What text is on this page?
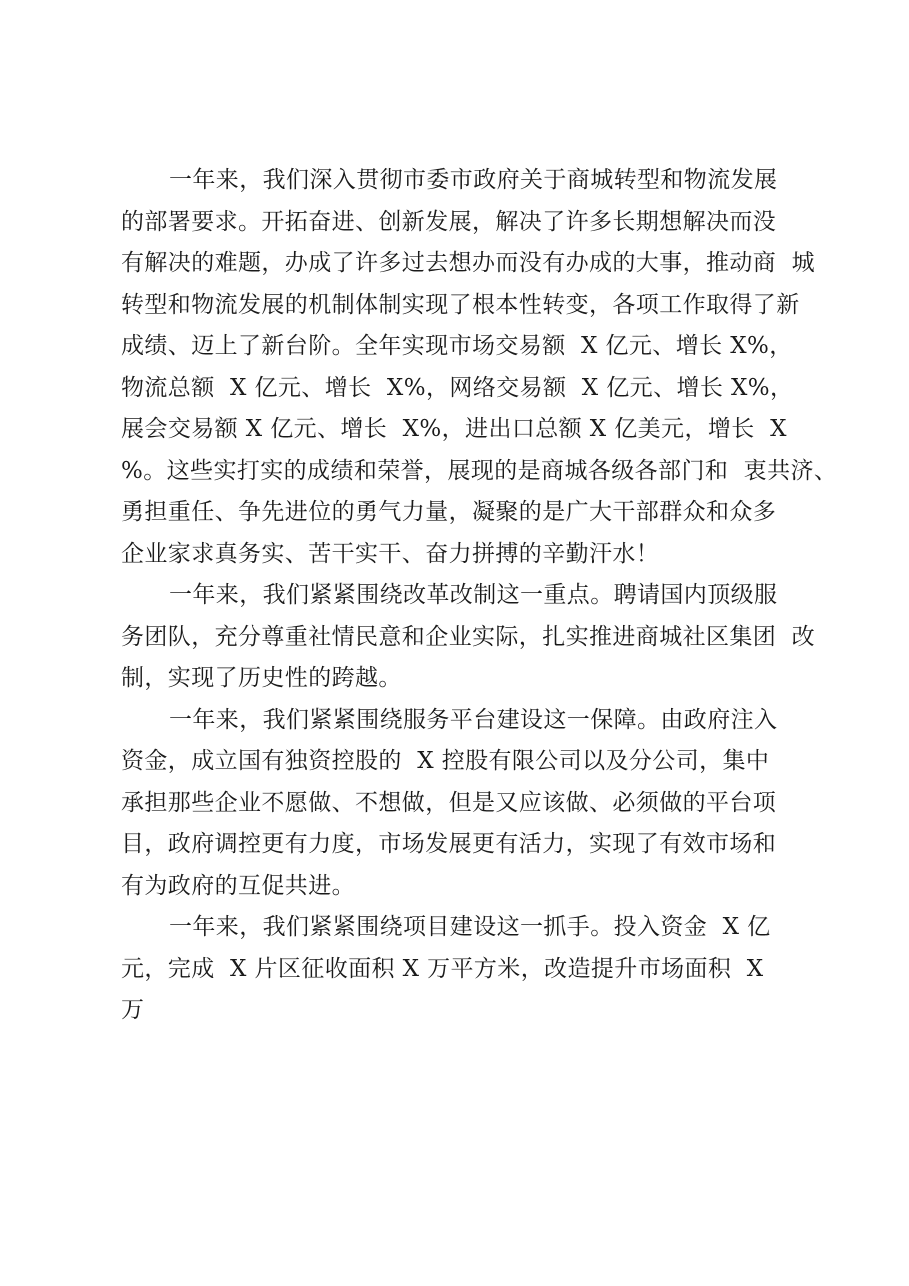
一年来，我们深入贯彻市委市政府关于商城转型和物流发展
的部署要求。开拓奋进、创新发展，解决了许多长期想解决而没
有解决的难题，办成了许多过去想办而没有办成的大事，推动商  城
转型和物流发展的机制体制实现了根本性转变，各项工作取得了新
成绩、迈上了新台阶。全年实现市场交易额  X 亿元、增长 X%，
物流总额  X 亿元、增长  X%，网络交易额  X 亿元、增长 X%，
展会交易额 X 亿元、增长  X%，进出口总额 X 亿美元，增长  X
%。这些实打实的成绩和荣誉，展现的是商城各级各部门和  衷共济、
勇担重任、争先进位的勇气力量，凝聚的是广大干部群众和众多
企业家求真务实、苦干实干、奋力拼搏的辛勤汗水！
一年来，我们紧紧围绕改革改制这一重点。聘请国内顶级服
务团队，充分尊重社情民意和企业实际，扎实推进商城社区集团  改
制，实现了历史性的跨越。
一年来，我们紧紧围绕服务平台建设这一保障。由政府注入
资金，成立国有独资控股的  X 控股有限公司以及分公司，集中
承担那些企业不愿做、不想做，但是又应该做、必须做的平台项
目，政府调控更有力度，市场发展更有活力，实现了有效市场和
有为政府的互促共进。
一年来，我们紧紧围绕项目建设这一抓手。投入资金  X 亿
元，完成  X 片区征收面积 X 万平方米，改造提升市场面积  X
万
